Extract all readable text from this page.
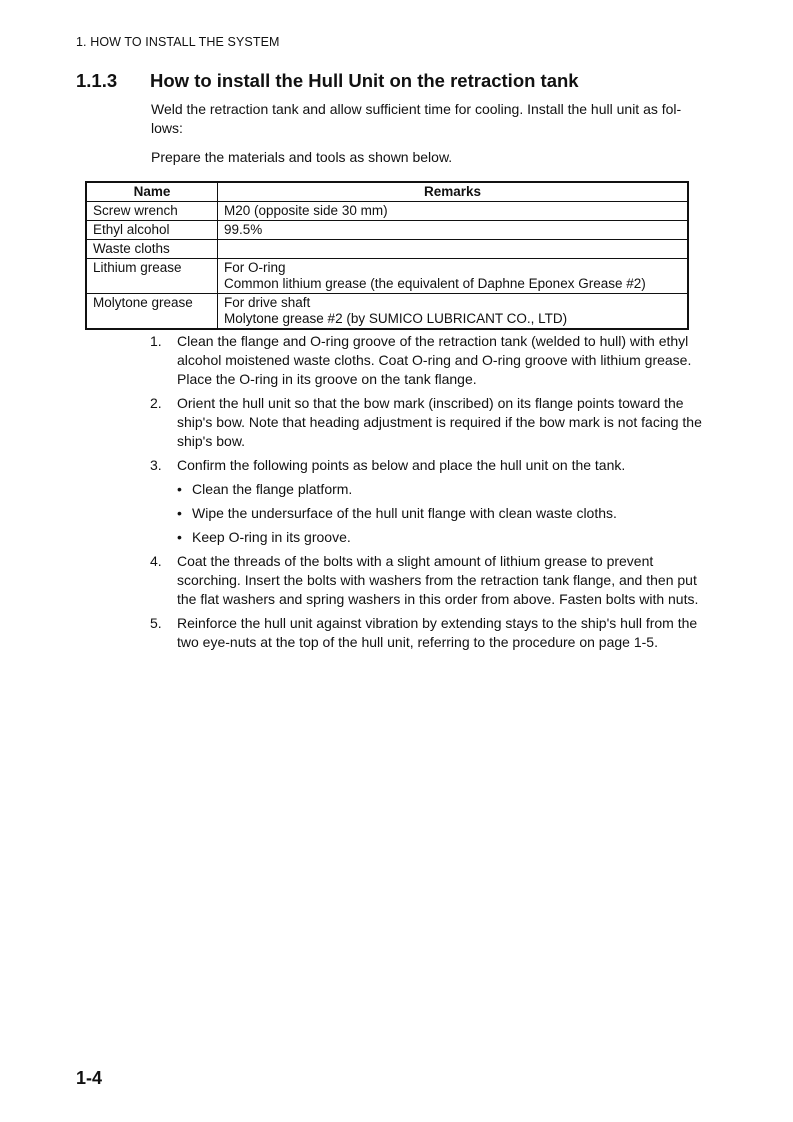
1. HOW TO INSTALL THE SYSTEM
1.1.3 How to install the Hull Unit on the retraction tank

Weld the retraction tank and allow sufficient time for cooling. Install the hull unit as fol-lows:

Prepare the materials and tools as shown below.

Name	Remarks
Screw wrench	M20 (opposite side 30 mm)

Ethyl alcohol	99.5%

Waste cloths	

Lithium grease	For O-ring
Common lithium grease (the equivalent of Daphne Eponex Grease #2)

Molytone grease	For drive shaft
Molytone grease #2 (by SUMICO LUBRICANT CO., LTD)
1.	Clean the flange and O-ring groove of the retraction tank (welded to hull) with ethyl alcohol moistened waste cloths. Coat O-ring and O-ring groove with lithium grease. Place the O-ring in its groove on the tank flange.
2.	Orient the hull unit so that the bow mark (inscribed) on its flange points toward the ship's bow. Note that heading adjustment is required if the bow mark is not facing the ship's bow.
3.	Confirm the following points as below and place the hull unit on the tank.
• Clean the flange platform.
• Wipe the undersurface of the hull unit flange with clean waste cloths.
• Keep O-ring in its groove.
4.	Coat the threads of the bolts with a slight amount of lithium grease to prevent scorching. Insert the bolts with washers from the retraction tank flange, and then put the flat washers and spring washers in this order from above. Fasten bolts with nuts.
5.	Reinforce the hull unit against vibration by extending stays to the ship's hull from the two eye-nuts at the top of the hull unit, referring to the procedure on page 1-5.
1-4
